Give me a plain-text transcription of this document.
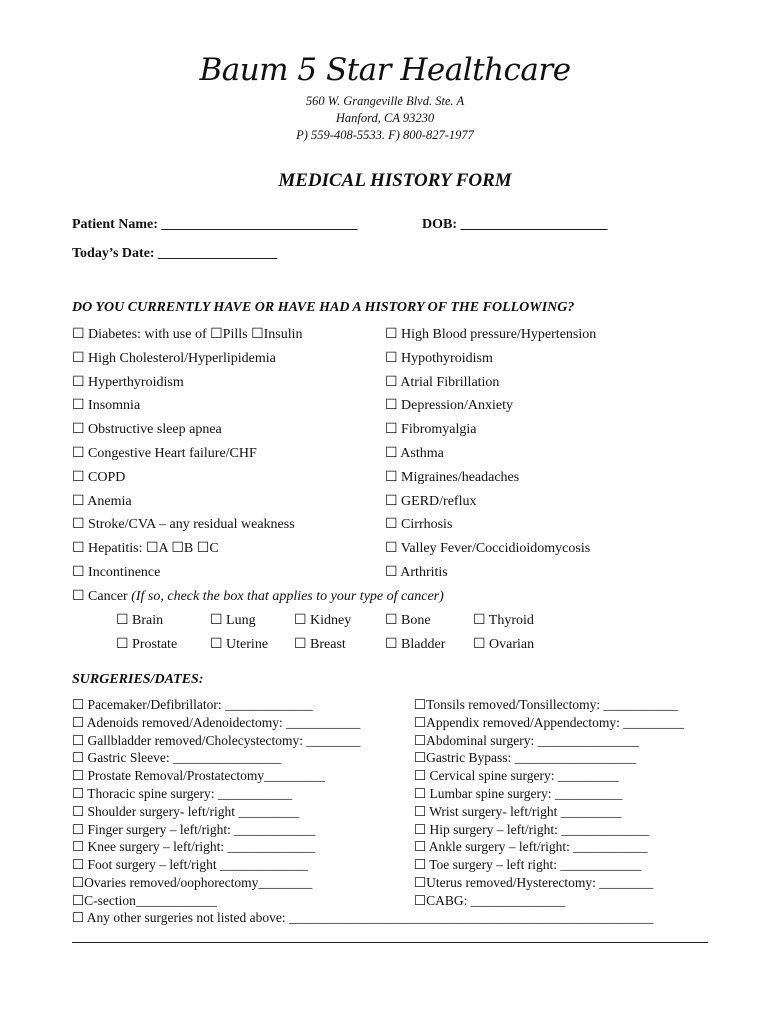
Baum 5 Star Healthcare
560 W. Grangeville Blvd. Ste. A
Hanford, CA 93230
P) 559-408-5533. F) 800-827-1977
MEDICAL HISTORY FORM
Patient Name: ____________________________	DOB: _____________________
Today’s Date: _________________
DO YOU CURRENTLY HAVE OR HAVE HAD A HISTORY OF THE FOLLOWING?
☐ Diabetes: with use of ☐Pills ☐Insulin
☐ High Cholesterol/Hyperlipidemia
☐ Hyperthyroidism
☐ Insomnia
☐ Obstructive sleep apnea
☐ Congestive Heart failure/CHF
☐ COPD
☐ Anemia
☐ Stroke/CVA – any residual weakness
☐ Hepatitis: ☐A ☐B ☐C
☐ Incontinence
☐ High Blood pressure/Hypertension
☐ Hypothyroidism
☐ Atrial Fibrillation
☐ Depression/Anxiety
☐ Fibromyalgia
☐ Asthma
☐ Migraines/headaches
☐ GERD/reflux
☐ Cirrhosis
☐ Valley Fever/Coccidioidomycosis
☐ Arthritis
☐ Cancer (If so, check the box that applies to your type of cancer)
☐ Brain	☐ Lung	☐ Kidney ☐ Bone	☐ Thyroid
☐ Prostate ☐ Uterine ☐ Breast	☐ Bladder ☐ Ovarian
SURGERIES/DATES:
☐ Pacemaker/Defibrillator: _____________
☐ Adenoids removed/Adenoidectomy: ___________
☐ Gallbladder removed/Cholecystectomy: ________
☐ Gastric Sleeve: ________________
☐ Prostate Removal/Prostatectomy_________
☐ Thoracic spine surgery: ___________
☐ Shoulder surgery- left/right _________
☐ Finger surgery – left/right: ____________
☐ Knee surgery – left/right: _____________
☐ Foot surgery – left/right _____________
☐Ovaries removed/oophorectomy________
☐C-section____________
☐Tonsils removed/Tonsillectomy: ___________
☐Appendix removed/Appendectomy: _________
☐Abdominal surgery: _______________
☐Gastric Bypass: __________________
☐ Cervical spine surgery: _________
☐ Lumbar spine surgery: __________
☐ Wrist surgery- left/right _________
☐ Hip surgery – left/right: _____________
☐ Ankle surgery – left/right: ___________
☐ Toe surgery – left right: ____________
☐Uterus removed/Hysterectomy: ________
☐CABG: ______________
☐ Any other surgeries not listed above: ______________________________________________________
